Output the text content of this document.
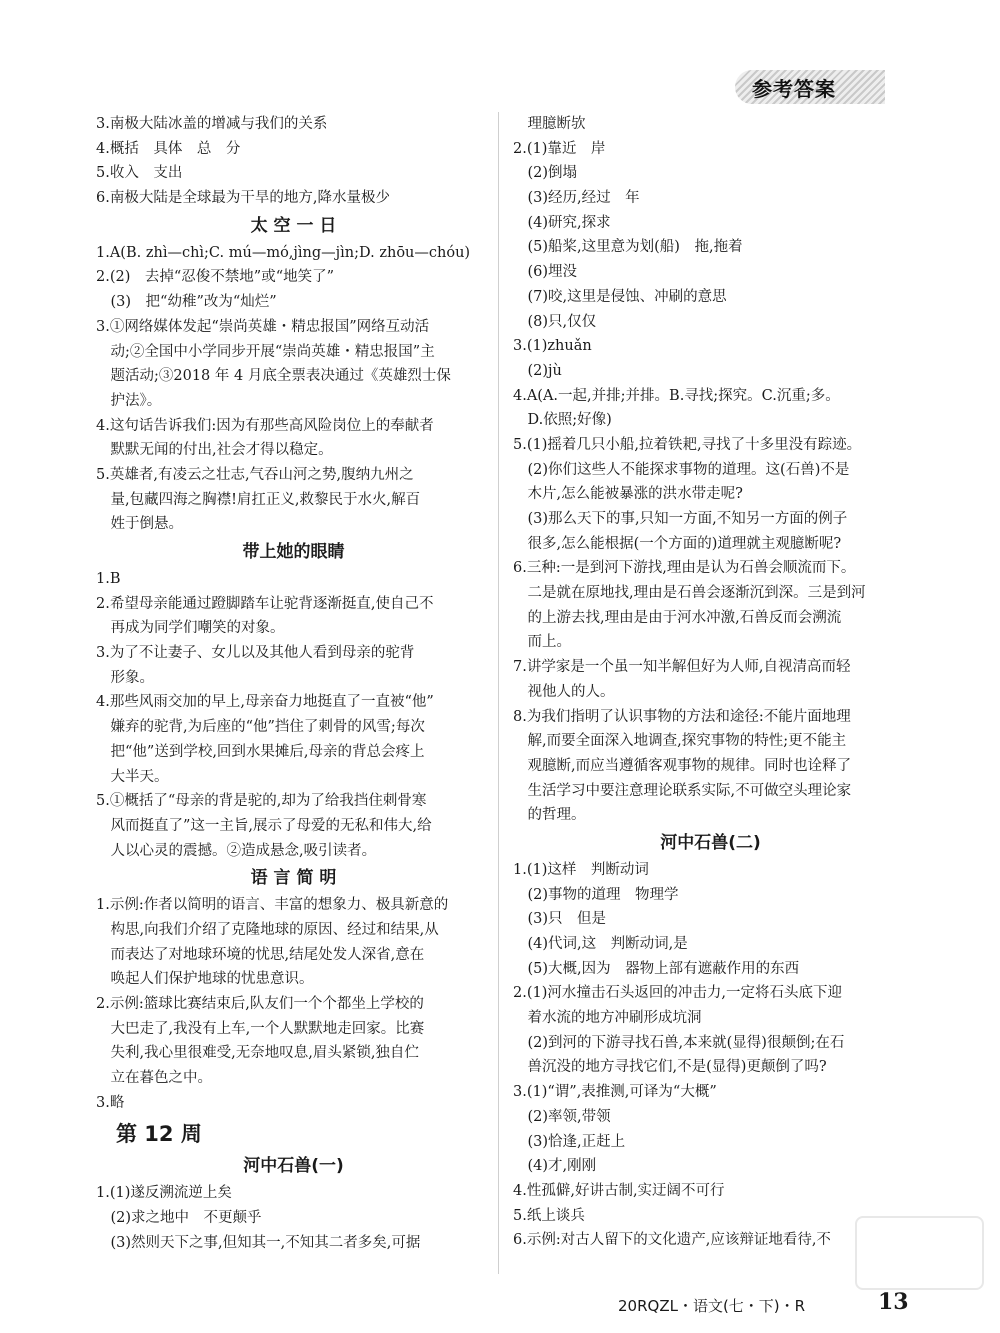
参考答案
3.南极大陆冰盖的增减与我们的关系
4.概括　具体　总　分
5.收入　支出
6.南极大陆是全球最为干旱的地方,降水量极少
太 空 一 日
1.A(B. zhì—chì;C. mú—mó,jìng—jìn;D. zhōu—chóu)
2.(2)　去掉“忍俊不禁地”或“地笑了”
　(3)　把“幼稚”改为“灿烂”
3.①网络媒体发起“崇尚英雄・精忠报国”网络互动活
　动;②全国中小学同步开展“崇尚英雄・精忠报国”主
　题活动;③2018 年 4 月底全票表决通过《英雄烈士保
　护法》。
4.这句话告诉我们:因为有那些高风险岗位上的奉献者
　默默无闻的付出,社会才得以稳定。
5.英雄者,有凌云之壮志,气吞山河之势,腹纳九州之
　量,包藏四海之胸襟!肩扛正义,救黎民于水火,解百
　姓于倒悬。
带上她的眼睛
1.B
2.希望母亲能通过蹬脚踏车让驼背逐渐挺直,使自己不
　再成为同学们嘲笑的对象。
3.为了不让妻子、女儿以及其他人看到母亲的驼背
　形象。
4.那些风雨交加的早上,母亲奋力地挺直了一直被“他”
　嫌弃的驼背,为后座的“他”挡住了刺骨的风雪;每次
　把“他”送到学校,回到水果摊后,母亲的背总会疼上
　大半天。
5.①概括了“母亲的背是驼的,却为了给我挡住刺骨寒
　风而挺直了”这一主旨,展示了母爱的无私和伟大,给
　人以心灵的震撼。②造成悬念,吸引读者。
语 言 简 明
1.示例:作者以简明的语言、丰富的想象力、极具新意的
　构思,向我们介绍了克隆地球的原因、经过和结果,从
　而表达了对地球环境的忧思,结尾处发人深省,意在
　唤起人们保护地球的忧患意识。
2.示例:篮球比赛结束后,队友们一个个都坐上学校的
　大巴走了,我没有上车,一个人默默地走回家。比赛
　失利,我心里很难受,无奈地叹息,眉头紧锁,独自伫
　立在暮色之中。
3.略
第 12 周
河中石兽(一)
1.(1)遂反溯流逆上矣
　(2)求之地中　不更颠乎
　(3)然则天下之事,但知其一,不知其二者多矣,可据
　理臆断欤
2.(1)靠近　岸
　(2)倒塌
　(3)经历,经过　年
　(4)研究,探求
　(5)船桨,这里意为划(船)　拖,拖着
　(6)埋没
　(7)咬,这里是侵蚀、冲刷的意思
　(8)只,仅仅
3.(1)zhuǎn
　(2)jù
4.A(A.一起,并排;并排。B.寻找;探究。C.沉重;多。
　D.依照;好像)
5.(1)摇着几只小船,拉着铁耙,寻找了十多里没有踪迹。
　(2)你们这些人不能探求事物的道理。这(石兽)不是
　木片,怎么能被暴涨的洪水带走呢?
　(3)那么天下的事,只知一方面,不知另一方面的例子
　很多,怎么能根据(一个方面的)道理就主观臆断呢?
6.三种:一是到河下游找,理由是认为石兽会顺流而下。
　二是就在原地找,理由是石兽会逐渐沉到深。三是到河
　的上游去找,理由是由于河水冲激,石兽反而会溯流
　而上。
7.讲学家是一个虽一知半解但好为人师,自视清高而轻
　视他人的人。
8.为我们指明了认识事物的方法和途径:不能片面地理
　解,而要全面深入地调查,探究事物的特性;更不能主
　观臆断,而应当遵循客观事物的规律。同时也诠释了
　生活学习中要注意理论联系实际,不可做空头理论家
　的哲理。
河中石兽(二)
1.(1)这样　判断动词
　(2)事物的道理　物理学
　(3)只　但是
　(4)代词,这　判断动词,是
　(5)大概,因为　器物上部有遮蔽作用的东西
2.(1)河水撞击石头返回的冲击力,一定将石头底下迎
　着水流的地方冲刷形成坑洞
　(2)到河的下游寻找石兽,本来就(显得)很颠倒;在石
　兽沉没的地方寻找它们,不是(显得)更颠倒了吗?
3.(1)“谓”,表推测,可译为“大概”
　(2)率领,带领
　(3)恰逢,正赶上
　(4)才,刚刚
4.性孤僻,好讲古制,实迂阔不可行
5.纸上谈兵
6.示例:对古人留下的文化遗产,应该辩证地看待,不
20RQZL・语文(七・下)・R	13
